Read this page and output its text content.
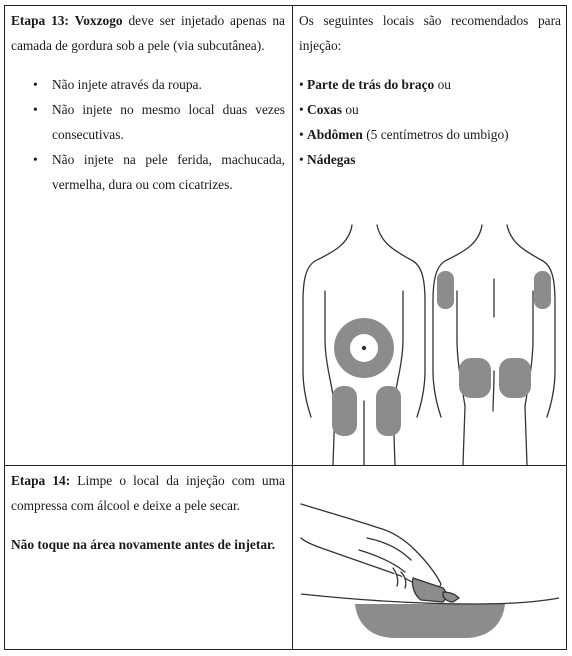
Etapa 13: Voxzogo deve ser injetado apenas na camada de gordura sob a pele (via subcutânea).

• Não injete através da roupa.
• Não injete no mesmo local duas vezes consecutivas.
• Não injete na pele ferida, machucada, vermelha, dura ou com cicatrizes.

Os seguintes locais são recomendados para injeção:

• Parte de trás do braço ou
• Coxas ou
• Abdômen (5 centímetros do umbigo)
• Nádegas

Etapa 14: Limpe o local da injeção com uma compressa com álcool e deixe a pele secar.

Não toque na área novamente antes de injetar.
